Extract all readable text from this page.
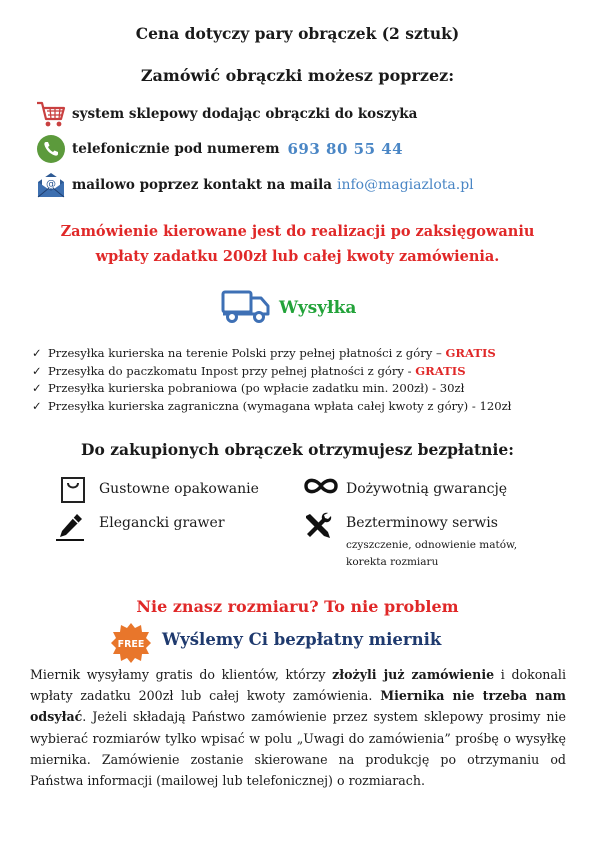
Cena dotyczy pary obrączek (2 sztuk)
Zamówić obrączki możesz poprzez:
system sklepowy dodając obrączki do koszyka
telefonicznie pod numerem 693 80 55 44
@ mailowo poprzez kontakt na maila info@magiazlota.pl
Zamówienie kierowane jest do realizacji po zaksięgowaniu
wpłaty zadatku 200zł lub całej kwoty zamówienia.
Wysyłka
✓ Przesyłka kurierska na terenie Polski przy pełnej płatności z góry – GRATIS
✓ Przesyłka do paczkomatu Inpost przy pełnej płatności z góry - GRATIS
✓ Przesyłka kurierska pobraniowa (po wpłacie zadatku min. 200zł) - 30zł
✓ Przesyłka kurierska zagraniczna (wymagana wpłata całej kwoty z góry) - 120zł
Do zakupionych obrączek otrzymujesz bezpłatnie:
Gustowne opakowanie	Dożywotnią gwarancję
Elegancki grawer	Bezterminowy serwis
czyszczenie, odnowienie matów,
korekta rozmiaru
Nie znasz rozmiaru? To nie problem
FREE Wyślemy Ci bezpłatny miernik
Miernik wysyłamy gratis do klientów, którzy złożyli już zamówienie i dokonali wpłaty zadatku 200zł lub całej kwoty zamówienia. Miernika nie trzeba nam odsyłać. Jeżeli składają Państwo zamówienie przez system sklepowy prosimy nie wybierać rozmiarów tylko wpisać w polu „Uwagi do zamówienia” prośbę o wysyłkę miernika. Zamówienie zostanie skierowane na produkcję po otrzymaniu od Państwa informacji (mailowej lub telefonicznej) o rozmiarach.
